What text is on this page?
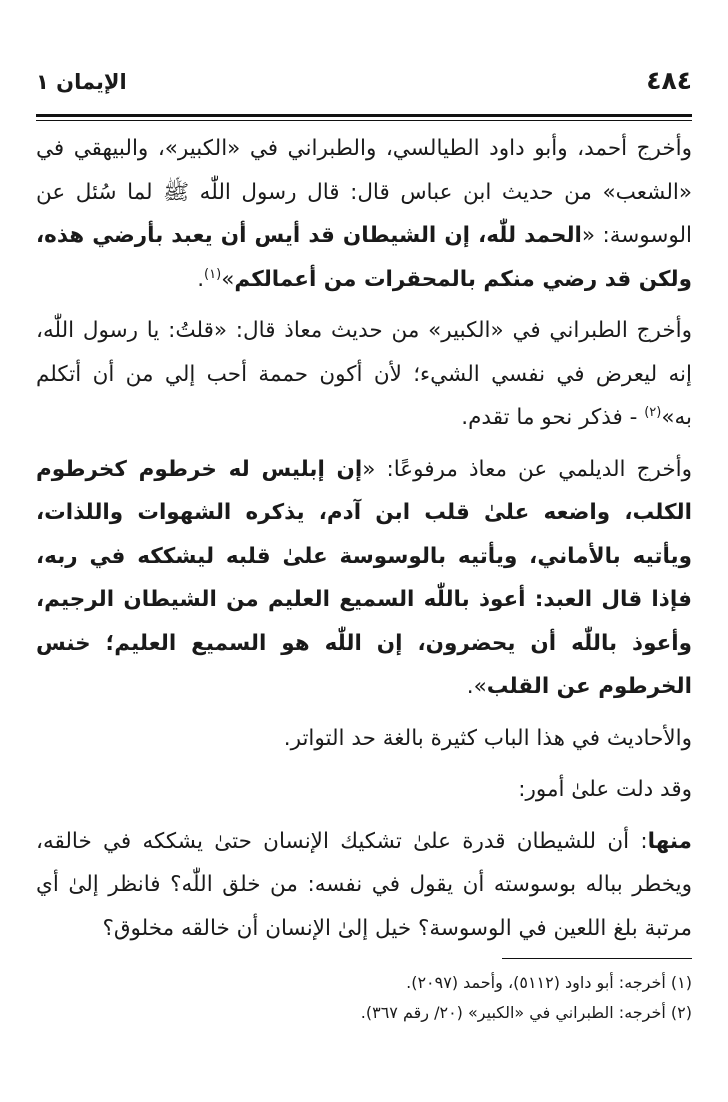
٤٨٤
الإيمان ١

وأخرج أحمد، وأبو داود الطيالسي، والطبراني في «الكبير»، والبيهقي في «الشعب» من حديث ابن عباس قال: قال رسول اللّٰه ﷺ لما سُئل عن الوسوسة: «الحمد للّٰه، إن الشيطان قد أيس أن يعبد بأرضي هذه، ولكن قد رضي منكم بالمحقرات من أعمالكم»$^{(١)}$.

وأخرج الطبراني في «الكبير» من حديث معاذ قال: «قلتُ: يا رسول اللّٰه، إنه ليعرض في نفسي الشيء؛ لأن أكون حممة أحب إلي من أن أتكلم به»$^{(٢)}$ - فذكر نحو ما تقدم.

وأخرج الديلمي عن معاذ مرفوعًا: «إن إبليس له خرطوم كخرطوم الكلب، واضعه علىٰ قلب ابن آدم، يذكره الشهوات واللذات، ويأتيه بالأماني، ويأتيه بالوسوسة علىٰ قلبه ليشككه في ربه، فإذا قال العبد: أعوذ باللّٰه السميع العليم من الشيطان الرجيم، وأعوذ باللّٰه أن يحضرون، إن اللّٰه هو السميع العليم؛ خنس الخرطوم عن القلب».

والأحاديث في هذا الباب كثيرة بالغة حد التواتر.

وقد دلت علىٰ أمور:

منها: أن للشيطان قدرة علىٰ تشكيك الإنسان حتىٰ يشككه في خالقه، ويخطر بباله بوسوسته أن يقول في نفسه: من خلق اللّٰه؟ فانظر إلىٰ أي مرتبة بلغ اللعين في الوسوسة؟ خيل إلىٰ الإنسان أن خالقه مخلوق؟

(١) أخرجه: أبو داود (٥١١٢)، وأحمد (٢٠٩٧).

(٢) أخرجه: الطبراني في «الكبير» (٢٠/ رقم ٣٦٧).
